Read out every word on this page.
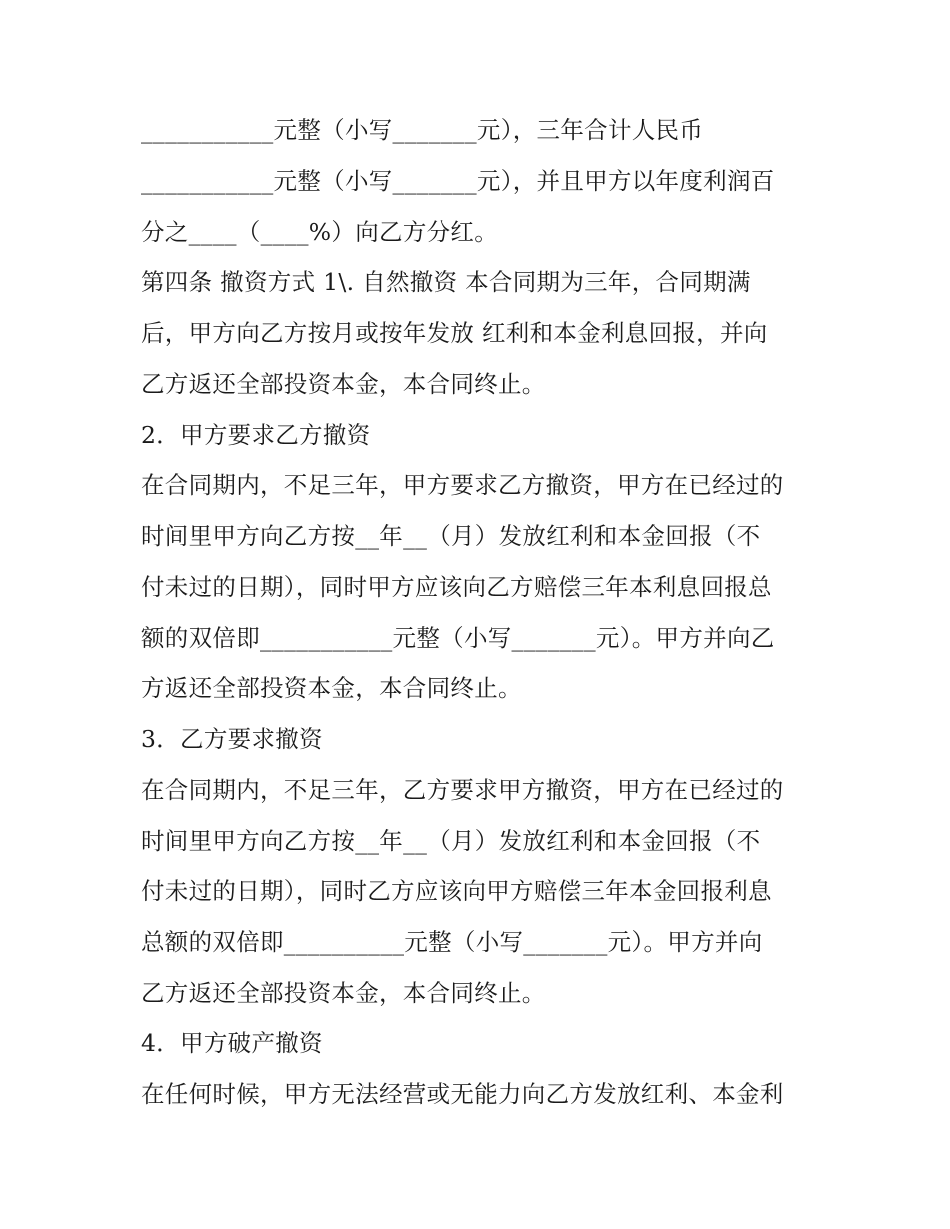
___________元整（小写_______元），三年合计人民币
___________元整（小写_______元），并且甲方以年度利润百
分之____（____%）向乙方分红。
第四条 撤资方式 1\. 自然撤资 本合同期为三年，合同期满
后，甲方向乙方按月或按年发放 红利和本金利息回报，并向
乙方返还全部投资本金，本合同终止。
2．甲方要求乙方撤资
在合同期内，不足三年，甲方要求乙方撤资，甲方在已经过的
时间里甲方向乙方按__年__（月）发放红利和本金回报（不
付未过的日期），同时甲方应该向乙方赔偿三年本利息回报总
额的双倍即___________元整（小写_______元）。甲方并向乙
方返还全部投资本金，本合同终止。
3．乙方要求撤资
在合同期内，不足三年，乙方要求甲方撤资，甲方在已经过的
时间里甲方向乙方按__年__（月）发放红利和本金回报（不
付未过的日期），同时乙方应该向甲方赔偿三年本金回报利息
总额的双倍即__________元整（小写_______元）。甲方并向
乙方返还全部投资本金，本合同终止。
4．甲方破产撤资
在任何时候，甲方无法经营或无能力向乙方发放红利、本金利
